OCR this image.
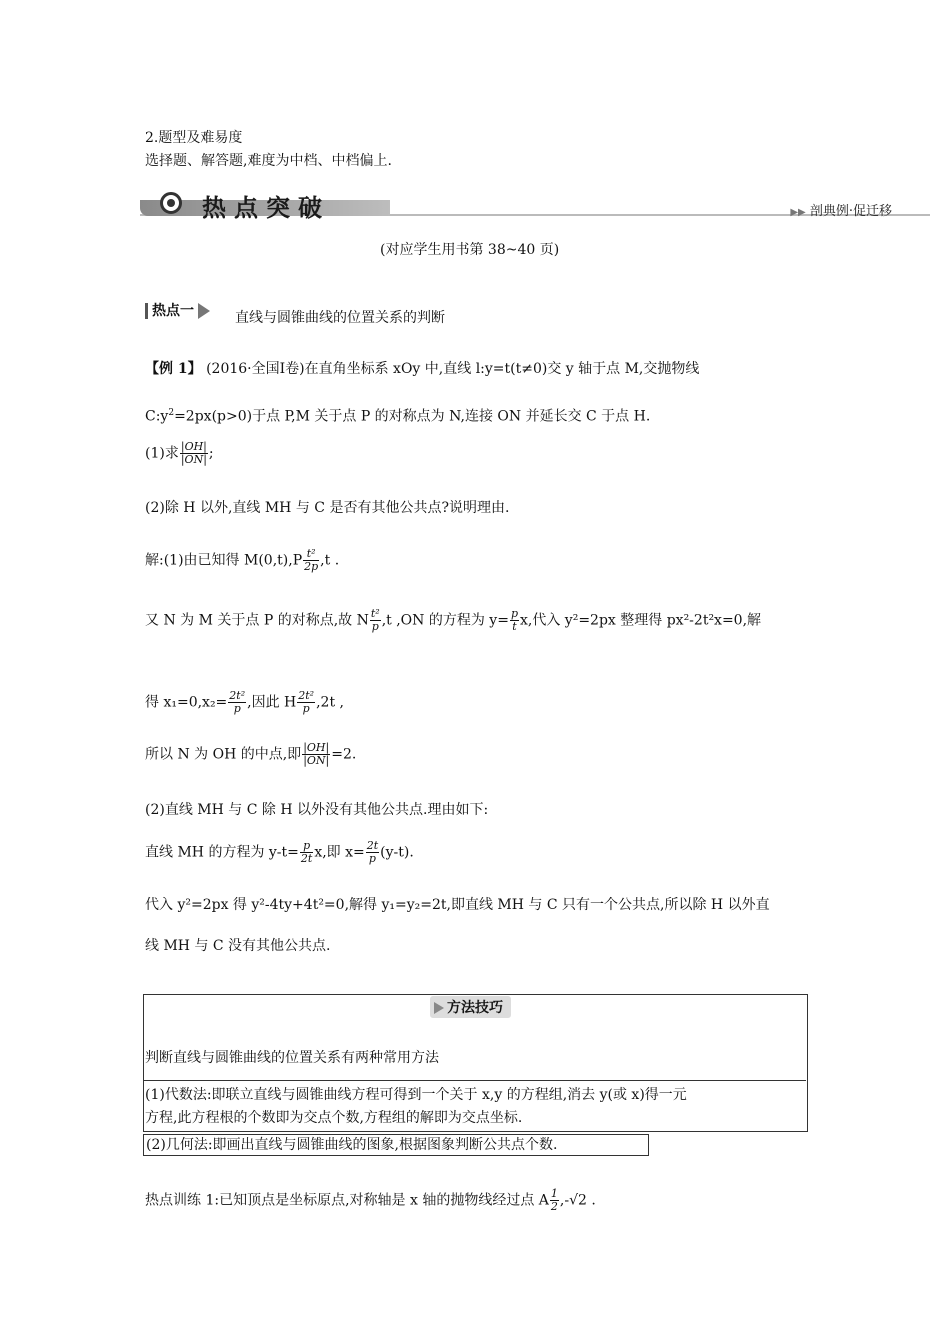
2.题型及难易度
选择题、解答题,难度为中档、中档偏上.
热点突破	▶▶ 剖典例·促迁移
(对应学生用书第 38~40 页)
热点一	直线与圆锥曲线的位置关系的判断
【例 1】 (2016·全国Ⅰ卷)在直角坐标系 xOy 中,直线 l:y=t(t≠0)交 y 轴于点 M,交抛物线
$C:y^2=2px(p>0)$于点 P,M 关于点 P 的对称点为 N,连接 ON 并延长交 C 于点 H.
(1)求 $\frac{|OH|}{|ON|}$ ;
(2)除 H 以外,直线 MH 与 C 是否有其他公共点?说明理由.
解:(1)由已知得 $M(0,t),P \frac{\text{t²}}{2p} ,t$ .
又 N 为 M 关于点 P 的对称点,故 N $\frac{\text{t²}}{p} ,t$ ,ON 的方程为 $y= \frac{p}{t} x$,代入 y²=2px 整理得 px²-2t²x=0,解
得 $x_1=0,x_2= \frac{\text{2t²}}{p}$ ,因此 H $\frac{\text{2t²}}{p} ,2t$ ,
所以 N 为 OH 的中点,即 $\frac{|OH|}{|ON|} =2$.
(2)直线 MH 与 C 除 H 以外没有其他公共点.理由如下:
直线 MH 的方程为 $y-t= \frac{p}{2t} x$,即 $x= \frac{2t}{p} (y-t)$.
代入 y²=2px 得 y²-4ty+4t²=0,解得 y₁=y₂=2t,即直线 MH 与 C 只有一个公共点,所以除 H 以外直
线 MH 与 C 没有其他公共点.
方法技巧
判断直线与圆锥曲线的位置关系有两种常用方法
(1)代数法:即联立直线与圆锥曲线方程可得到一个关于 x,y 的方程组,消去 y(或 x)得一元
方程,此方程根的个数即为交点个数,方程组的解即为交点坐标.
(2)几何法:即画出直线与圆锥曲线的图象,根据图象判断公共点个数.
热点训练 1:已知顶点是坐标原点,对称轴是 x 轴的抛物线经过点 A $\frac{1}{2} ,-√2$ .
